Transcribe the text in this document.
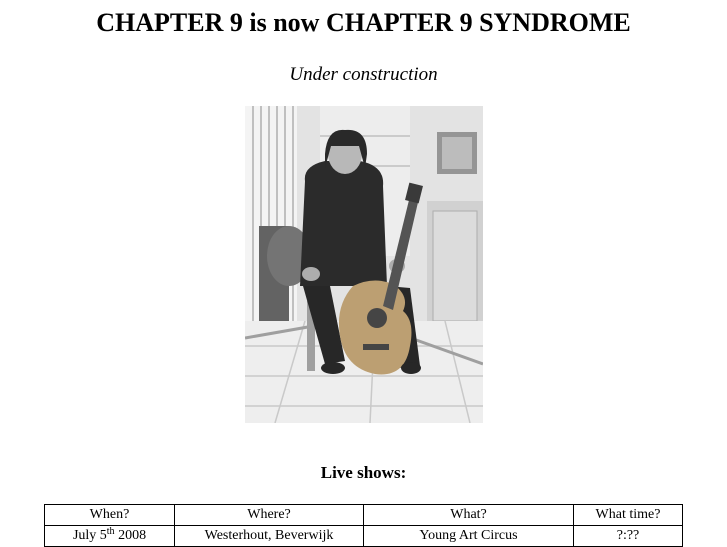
CHAPTER 9 is now CHAPTER 9 SYNDROME
Under construction
Live shows:
When?	Where?	What?	What time?
July 5th 2008	Westerhout, Beverwijk	Young Art Circus	?:??
